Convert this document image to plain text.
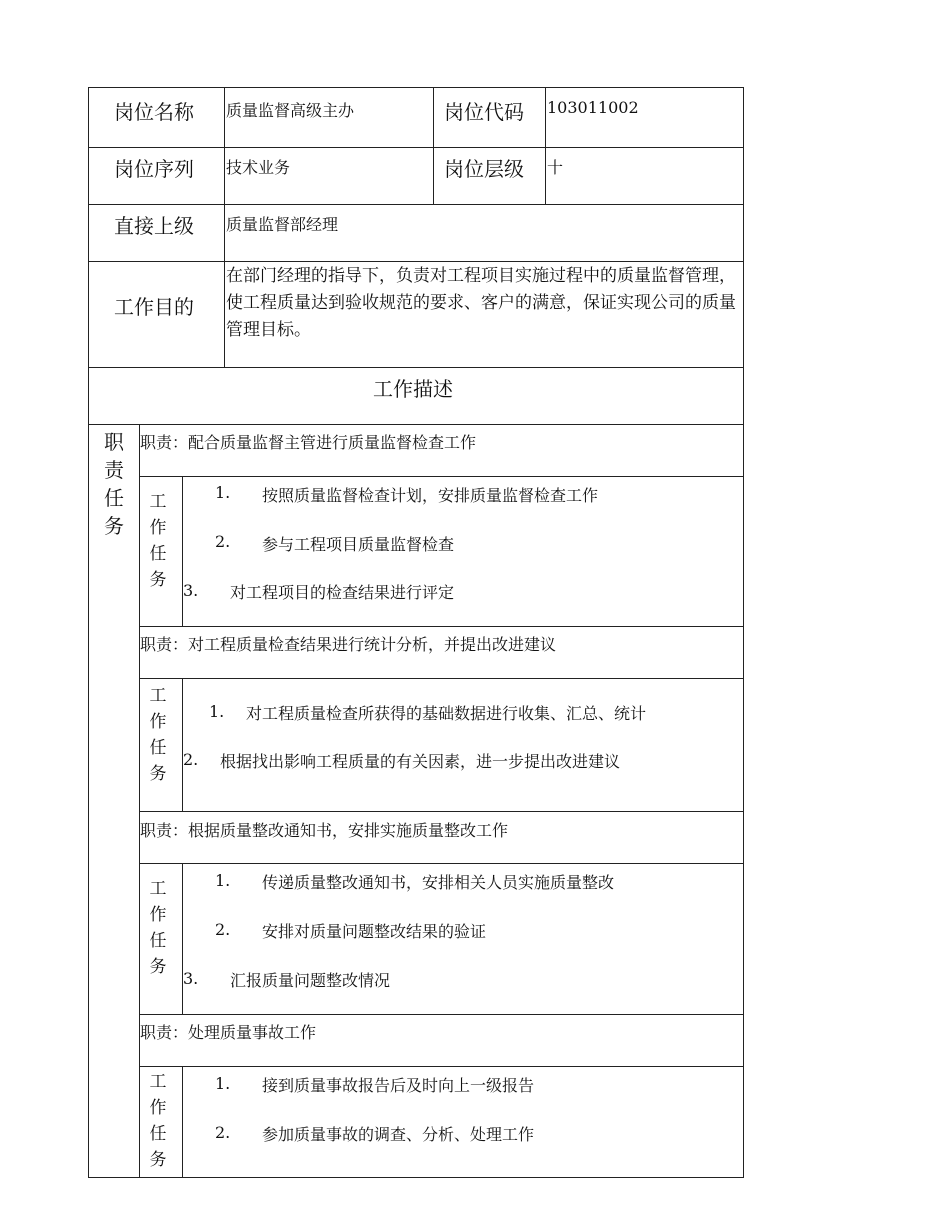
岗位名称 质量监督高级主办	岗位代码 103011002
岗位序列 技术业务	岗位层级 十
直接上级 质量监督部经理
工作目的
在部门经理的指导下，负责对工程项目实施过程中的质量监督管理，使工程质量达到验收规范的要求、客户的满意，保证实现公司的质量管理目标。
工作描述
职
责
任
务
职责：配合质量监督主管进行质量监督检查工作
工
作
任
务
1. 按照质量监督检查计划，安排质量监督检查工作
2. 参与工程项目质量监督检查
3. 对工程项目的检查结果进行评定
职责：对工程质量检查结果进行统计分析，并提出改进建议
工
作
任
务
1. 对工程质量检查所获得的基础数据进行收集、汇总、统计
2. 根据找出影响工程质量的有关因素，进一步提出改进建议
职责：根据质量整改通知书，安排实施质量整改工作
工
作
任
务
1. 传递质量整改通知书，安排相关人员实施质量整改
2. 安排对质量问题整改结果的验证
3. 汇报质量问题整改情况
职责：处理质量事故工作
工
作
任
务
1. 接到质量事故报告后及时向上一级报告
2. 参加质量事故的调查、分析、处理工作
